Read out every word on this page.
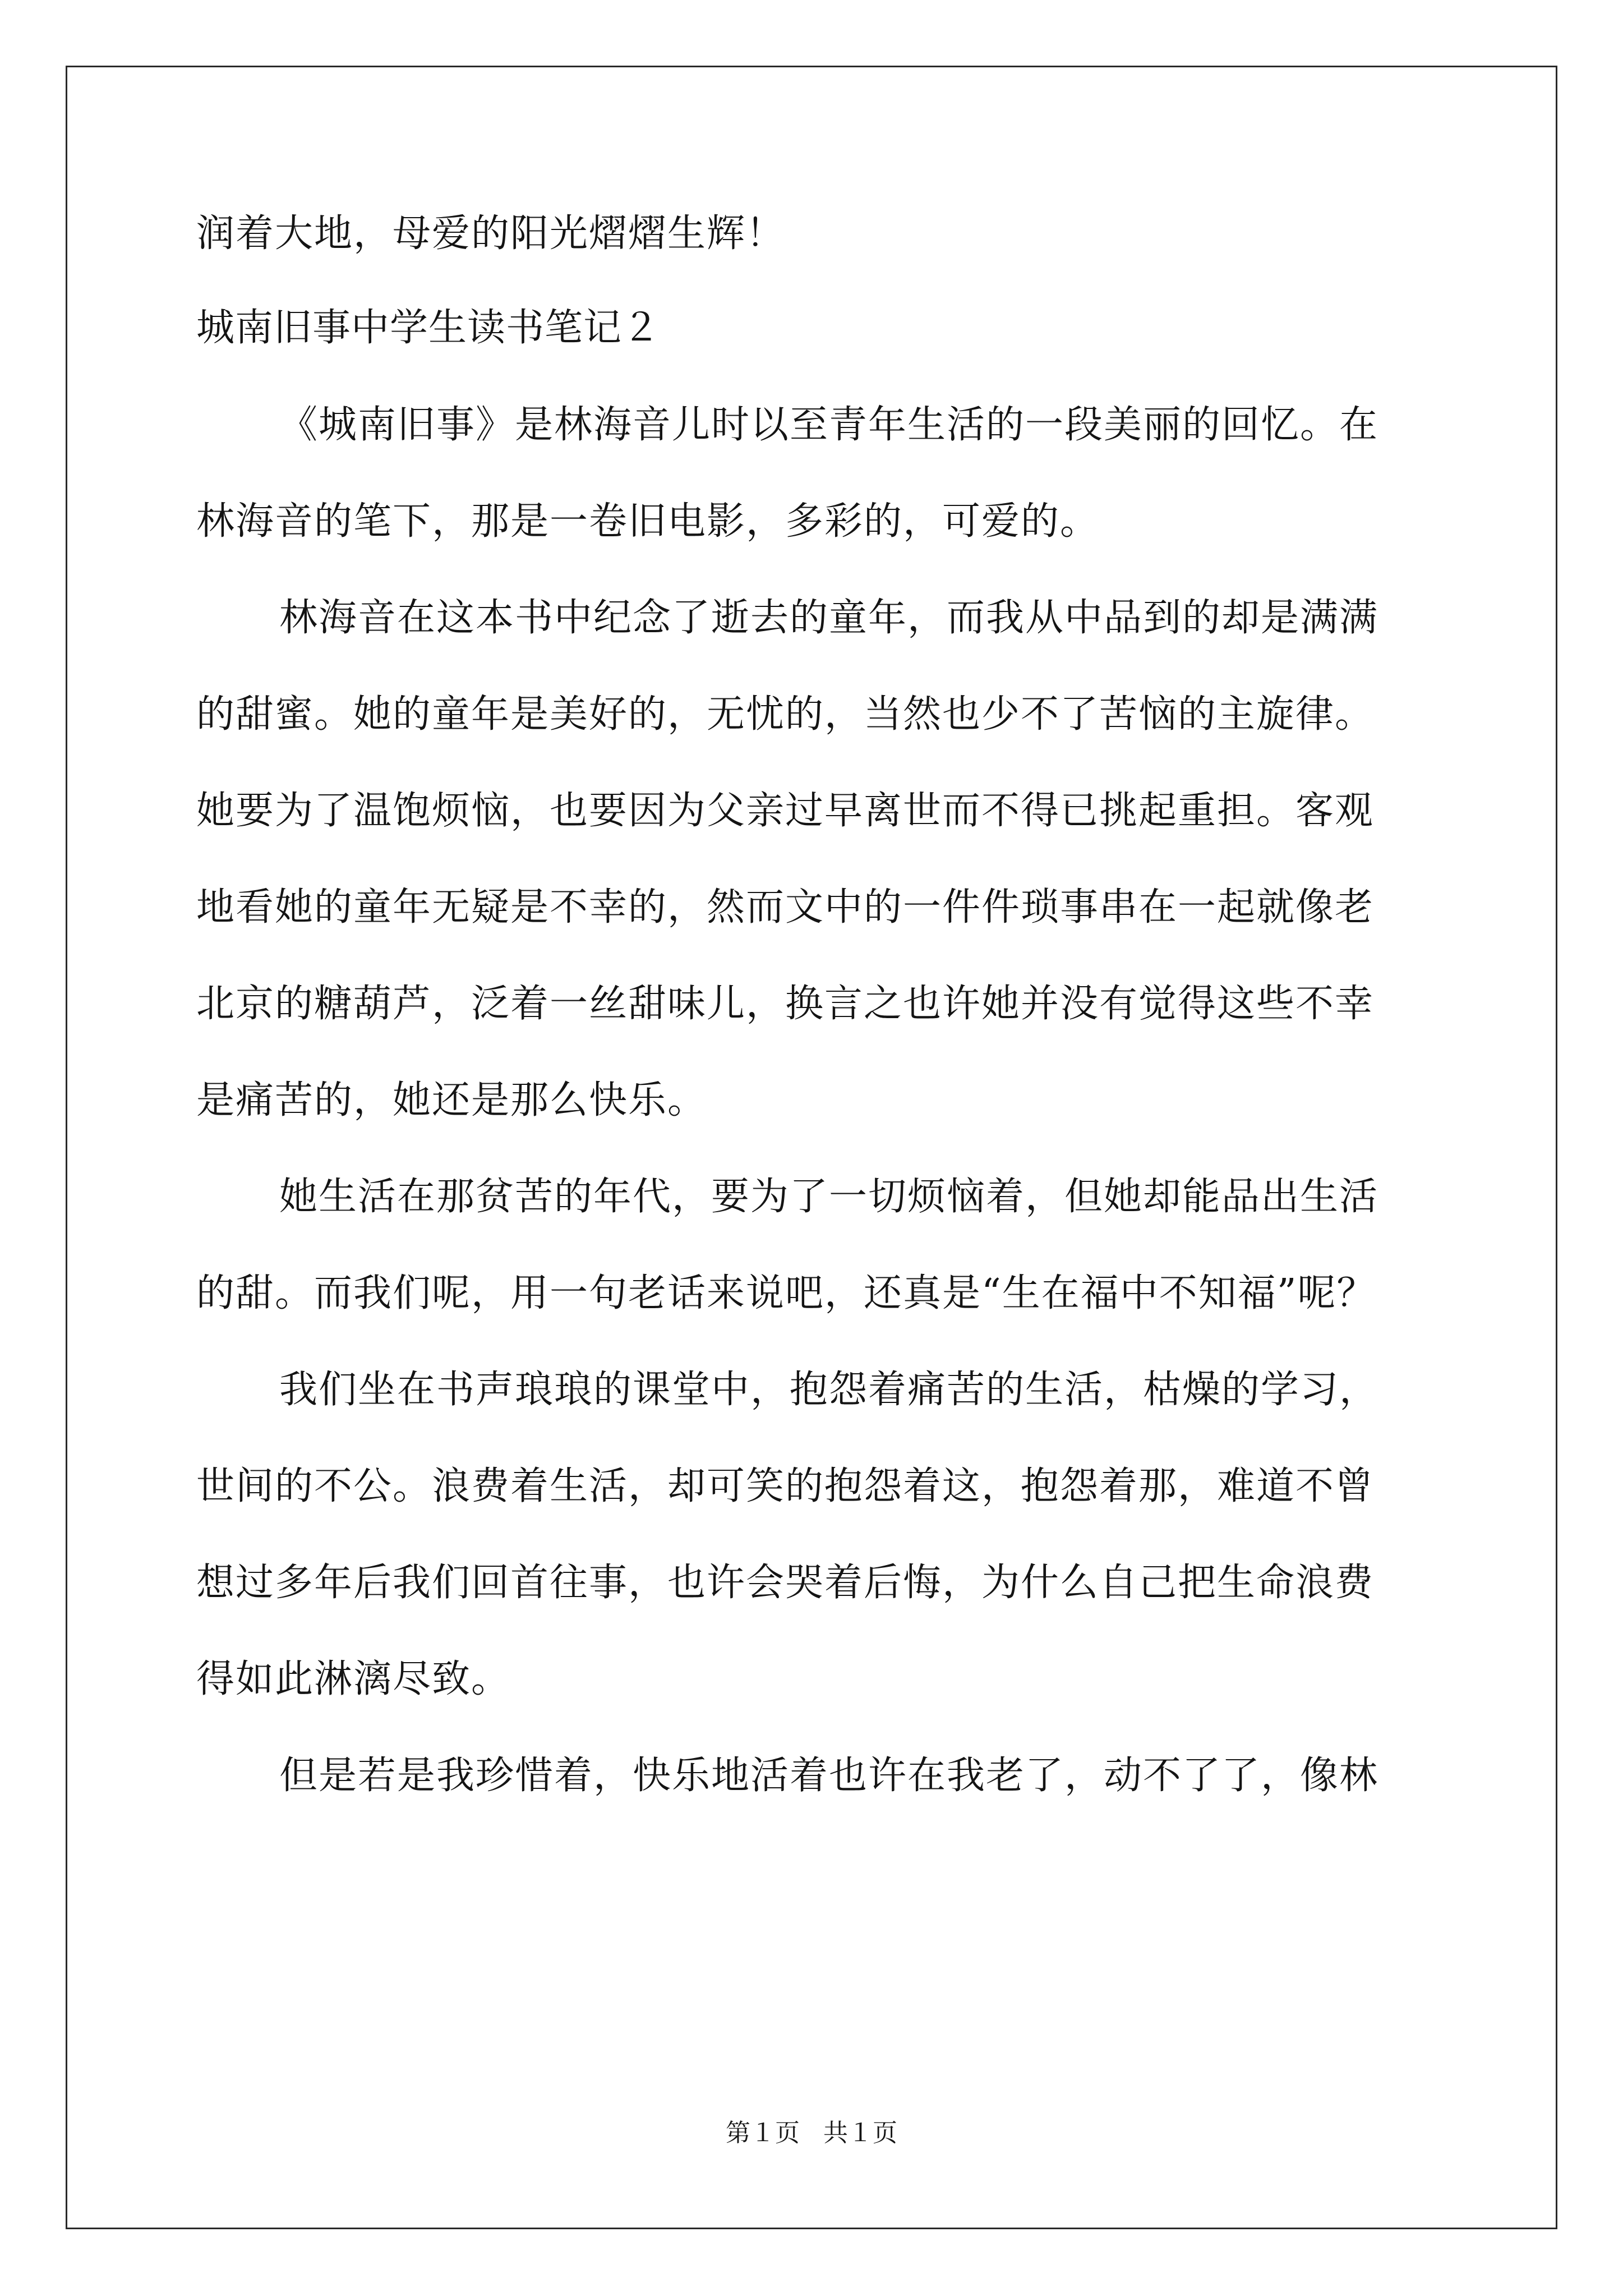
润着大地，母爱的阳光熠熠生辉！
城南旧事中学生读书笔记２
《城南旧事》是林海音儿时以至青年生活的一段美丽的回忆。在
林海音的笔下，那是一卷旧电影，多彩的，可爱的。
林海音在这本书中纪念了逝去的童年，而我从中品到的却是满满
的甜蜜。她的童年是美好的，无忧的，当然也少不了苦恼的主旋律。
她要为了温饱烦恼，也要因为父亲过早离世而不得已挑起重担。客观
地看她的童年无疑是不幸的，然而文中的一件件琐事串在一起就像老
北京的糖葫芦，泛着一丝甜味儿，换言之也许她并没有觉得这些不幸
是痛苦的，她还是那么快乐。
她生活在那贫苦的年代，要为了一切烦恼着，但她却能品出生活
的甜。而我们呢，用一句老话来说吧，还真是“生在福中不知福”呢？
我们坐在书声琅琅的课堂中，抱怨着痛苦的生活，枯燥的学习，
世间的不公。浪费着生活，却可笑的抱怨着这，抱怨着那，难道不曾
想过多年后我们回首往事，也许会哭着后悔，为什么自己把生命浪费
得如此淋漓尽致。
但是若是我珍惜着，快乐地活着也许在我老了，动不了了，像林
第１页 共１页
